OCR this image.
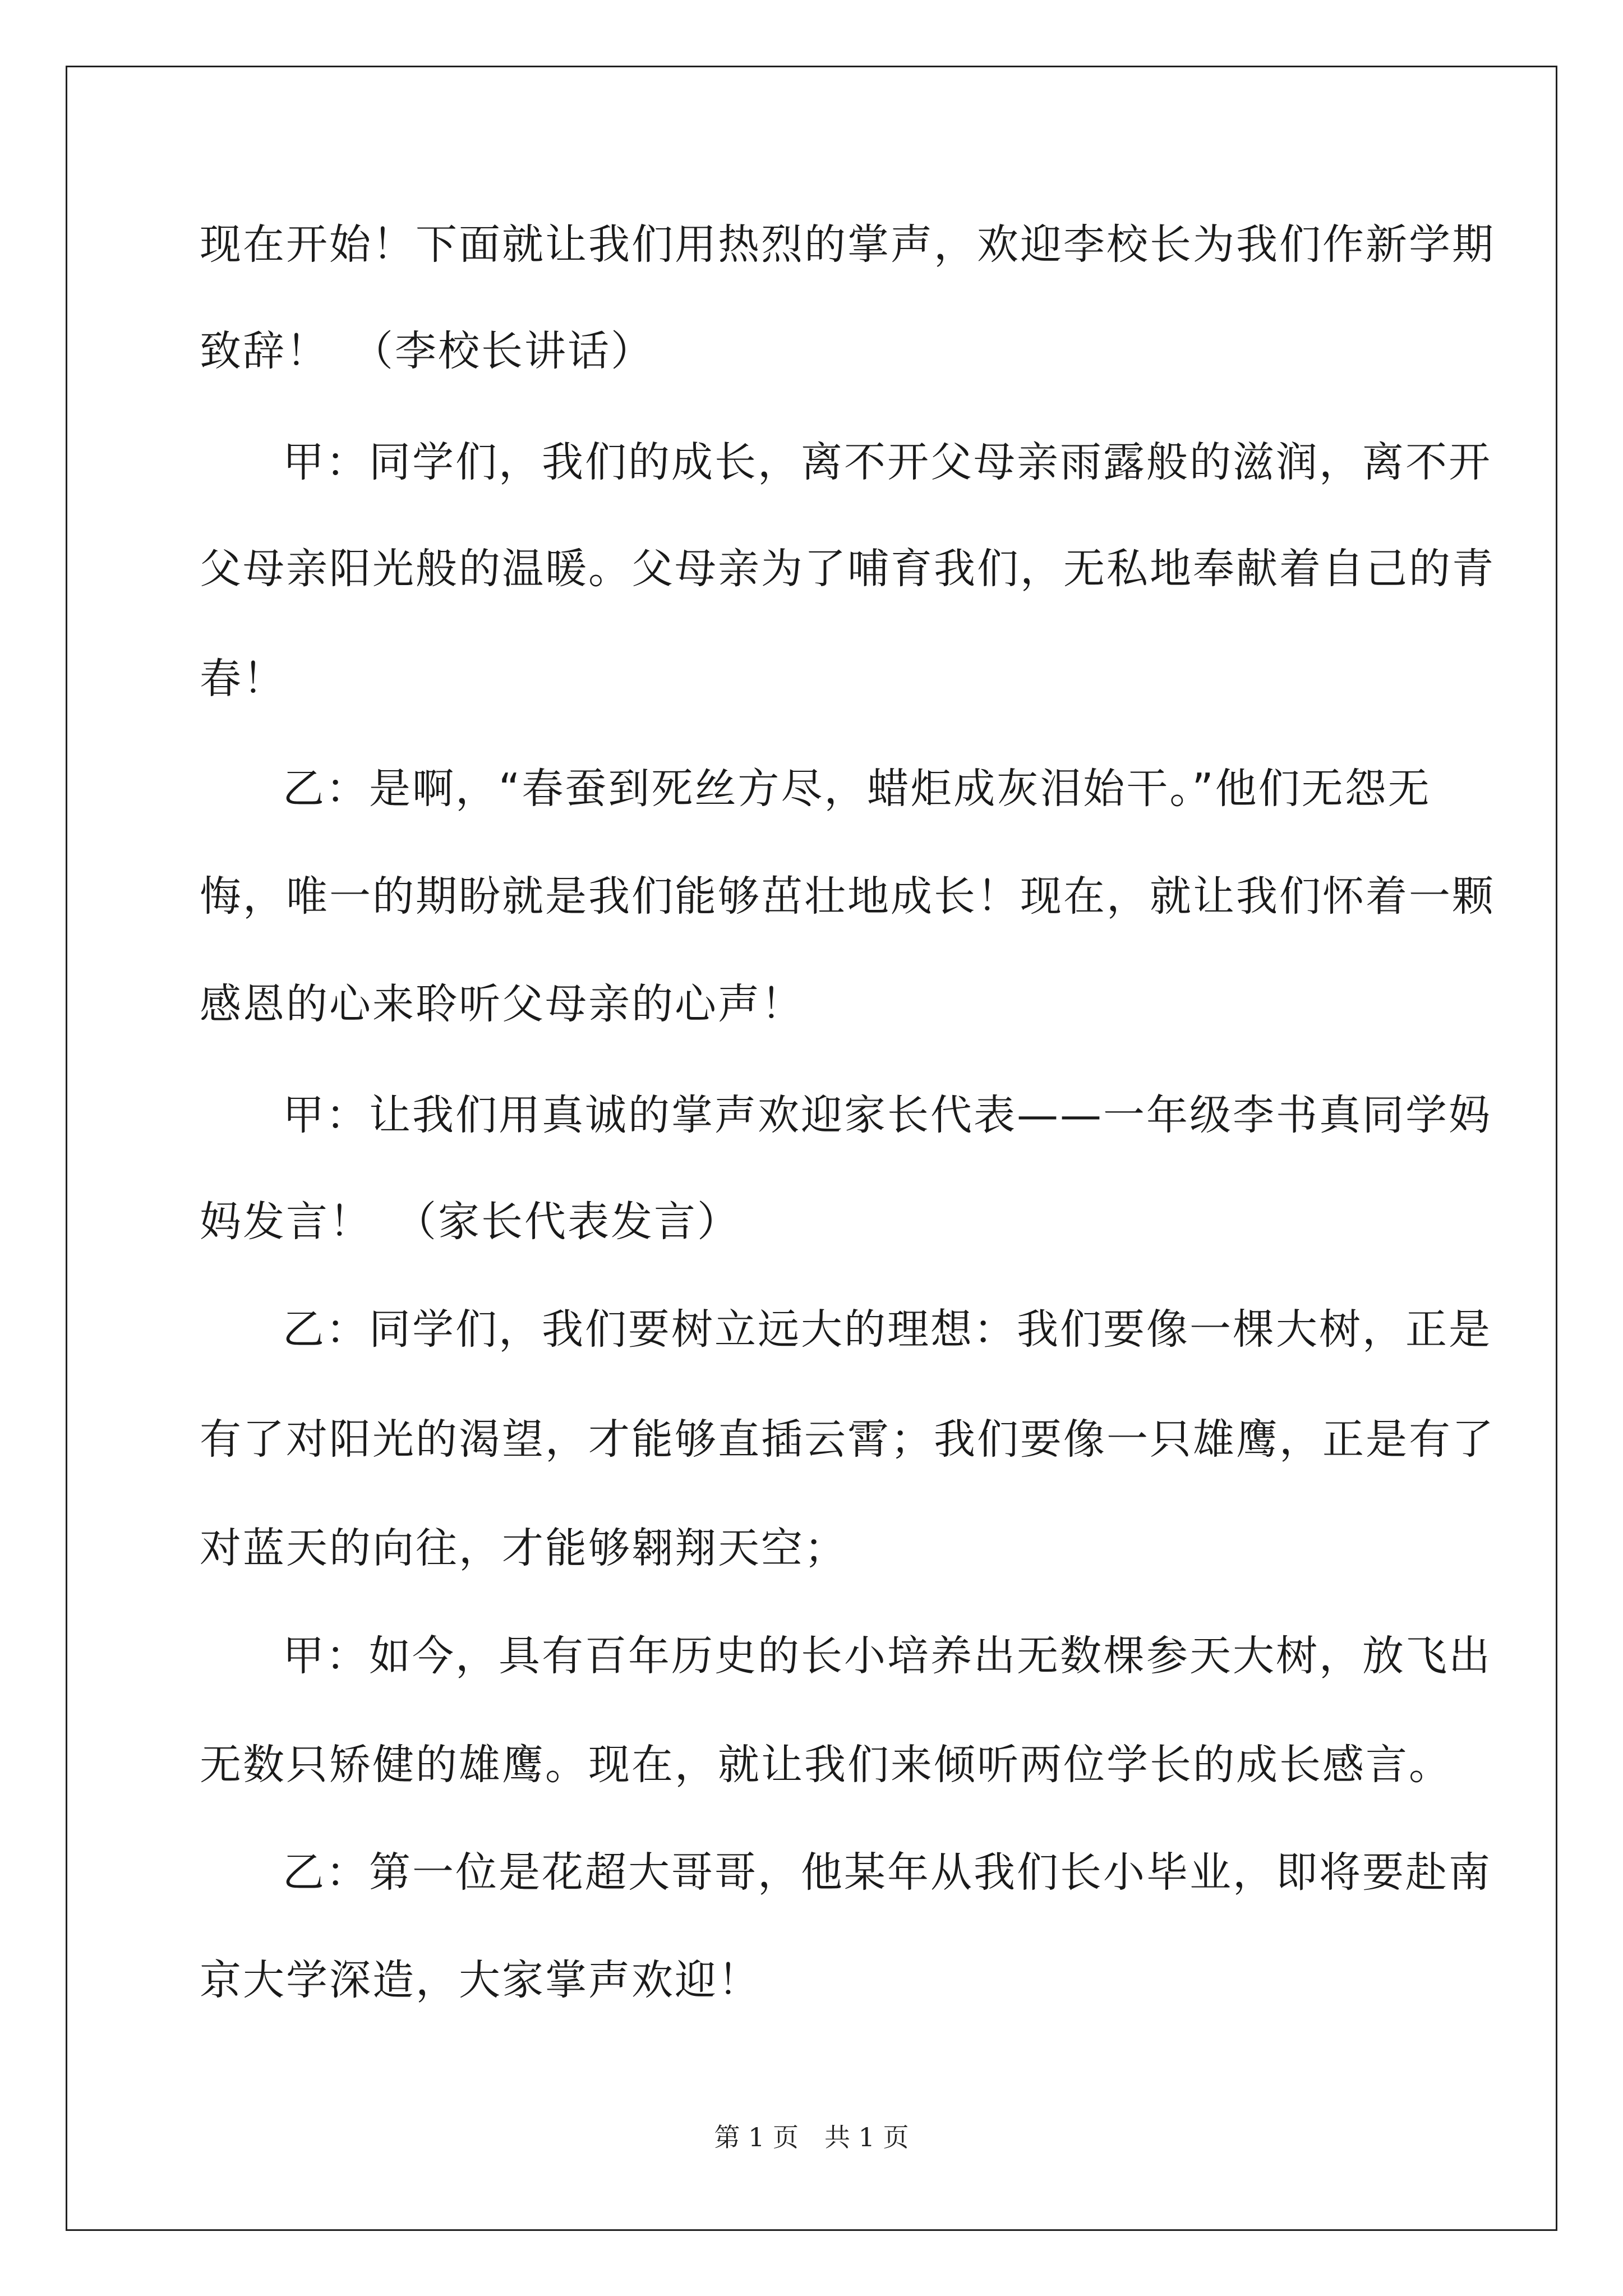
现在开始！下面就让我们用热烈的掌声，欢迎李校长为我们作新学期
致辞！　（李校长讲话）
甲：同学们，我们的成长，离不开父母亲雨露般的滋润，离不开
父母亲阳光般的温暖。父母亲为了哺育我们，无私地奉献着自己的青
春！
乙：是啊，“春蚕到死丝方尽，蜡炬成灰泪始干。”他们无怨无
悔，唯一的期盼就是我们能够茁壮地成长！现在，就让我们怀着一颗
感恩的心来聆听父母亲的心声！
甲：让我们用真诚的掌声欢迎家长代表——一年级李书真同学妈
妈发言！　（家长代表发言）
乙：同学们，我们要树立远大的理想：我们要像一棵大树，正是
有了对阳光的渴望，才能够直插云霄；我们要像一只雄鹰，正是有了
对蓝天的向往，才能够翱翔天空；
甲：如今，具有百年历史的长小培养出无数棵参天大树，放飞出
无数只矫健的雄鹰。现在，就让我们来倾听两位学长的成长感言。
乙：第一位是花超大哥哥，他某年从我们长小毕业，即将要赴南
京大学深造，大家掌声欢迎！
第 1 页　共 1 页
